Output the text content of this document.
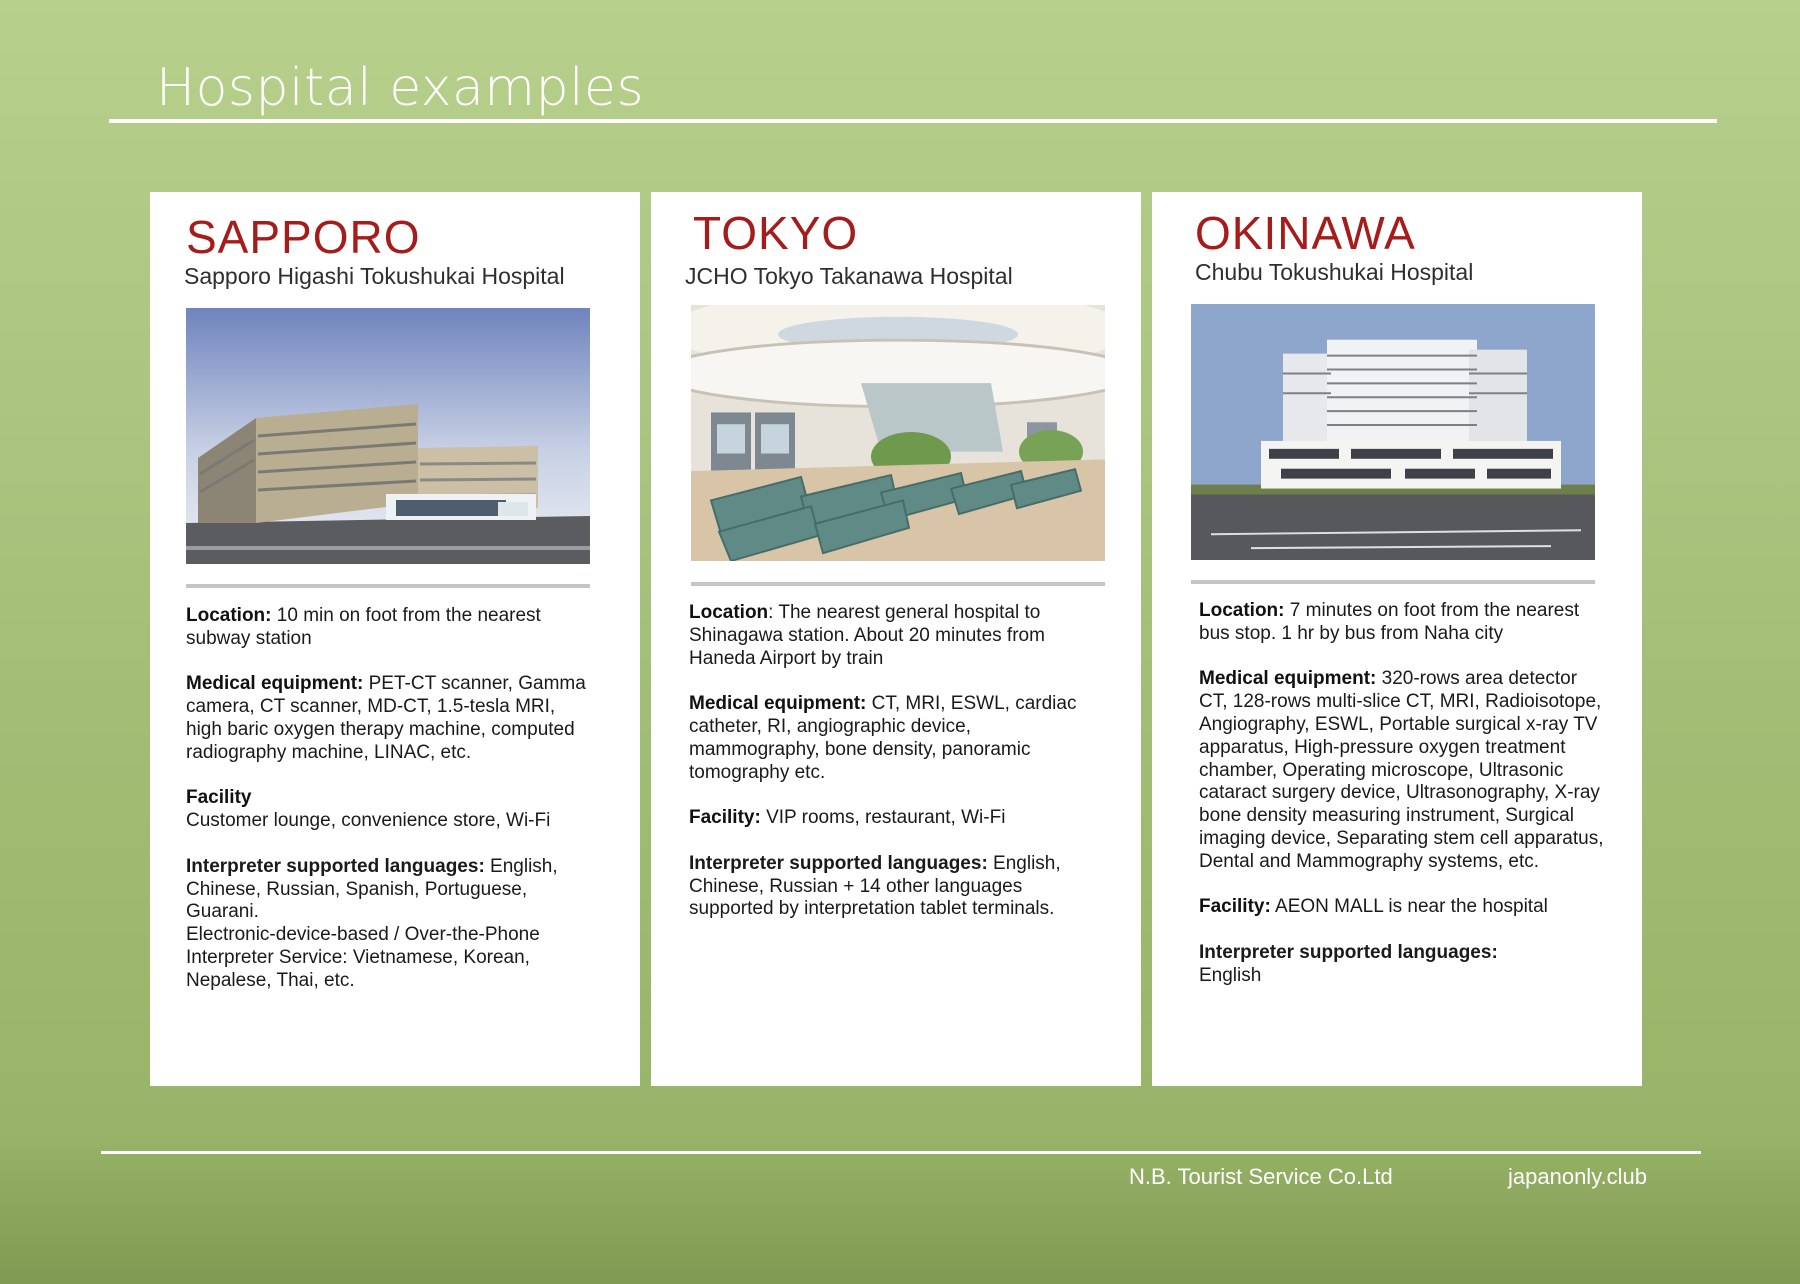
Hospital examples
SAPPORO
Sapporo Higashi Tokushukai Hospital

Location: 10 min on foot from the nearest subway station

Medical equipment: PET-CT scanner, Gamma camera, CT scanner, MD-CT, 1.5-tesla MRI, high baric oxygen therapy machine, computed radiography machine, LINAC, etc.

Facility
Customer lounge, convenience store, Wi-Fi

Interpreter supported languages: English, Chinese, Russian, Spanish, Portuguese, Guarani.
Electronic-device-based / Over-the-Phone Interpreter Service: Vietnamese, Korean, Nepalese, Thai, etc.

TOKYO
JCHO Tokyo Takanawa Hospital

Location: The nearest general hospital to Shinagawa station. About 20 minutes from Haneda Airport by train

Medical equipment: CT, MRI, ESWL, cardiac catheter, RI, angiographic device, mammography, bone density, panoramic tomography etc.

Facility: VIP rooms, restaurant, Wi-Fi

Interpreter supported languages: English, Chinese, Russian + 14 other languages supported by interpretation tablet terminals.

OKINAWA
Chubu Tokushukai Hospital

Location: 7 minutes on foot from the nearest bus stop. 1 hr by bus from Naha city

Medical equipment: 320-rows area detector CT, 128-rows multi-slice CT, MRI, Radioisotope, Angiography, ESWL, Portable surgical x-ray TV apparatus, High-pressure oxygen treatment chamber, Operating microscope, Ultrasonic cataract surgery device, Ultrasonography, X-ray bone density measuring instrument, Surgical imaging device, Separating stem cell apparatus, Dental and Mammography systems, etc.

Facility: AEON MALL is near the hospital

Interpreter supported languages:
English

N.B. Tourist Service Co.Ltd	japanonly.club
